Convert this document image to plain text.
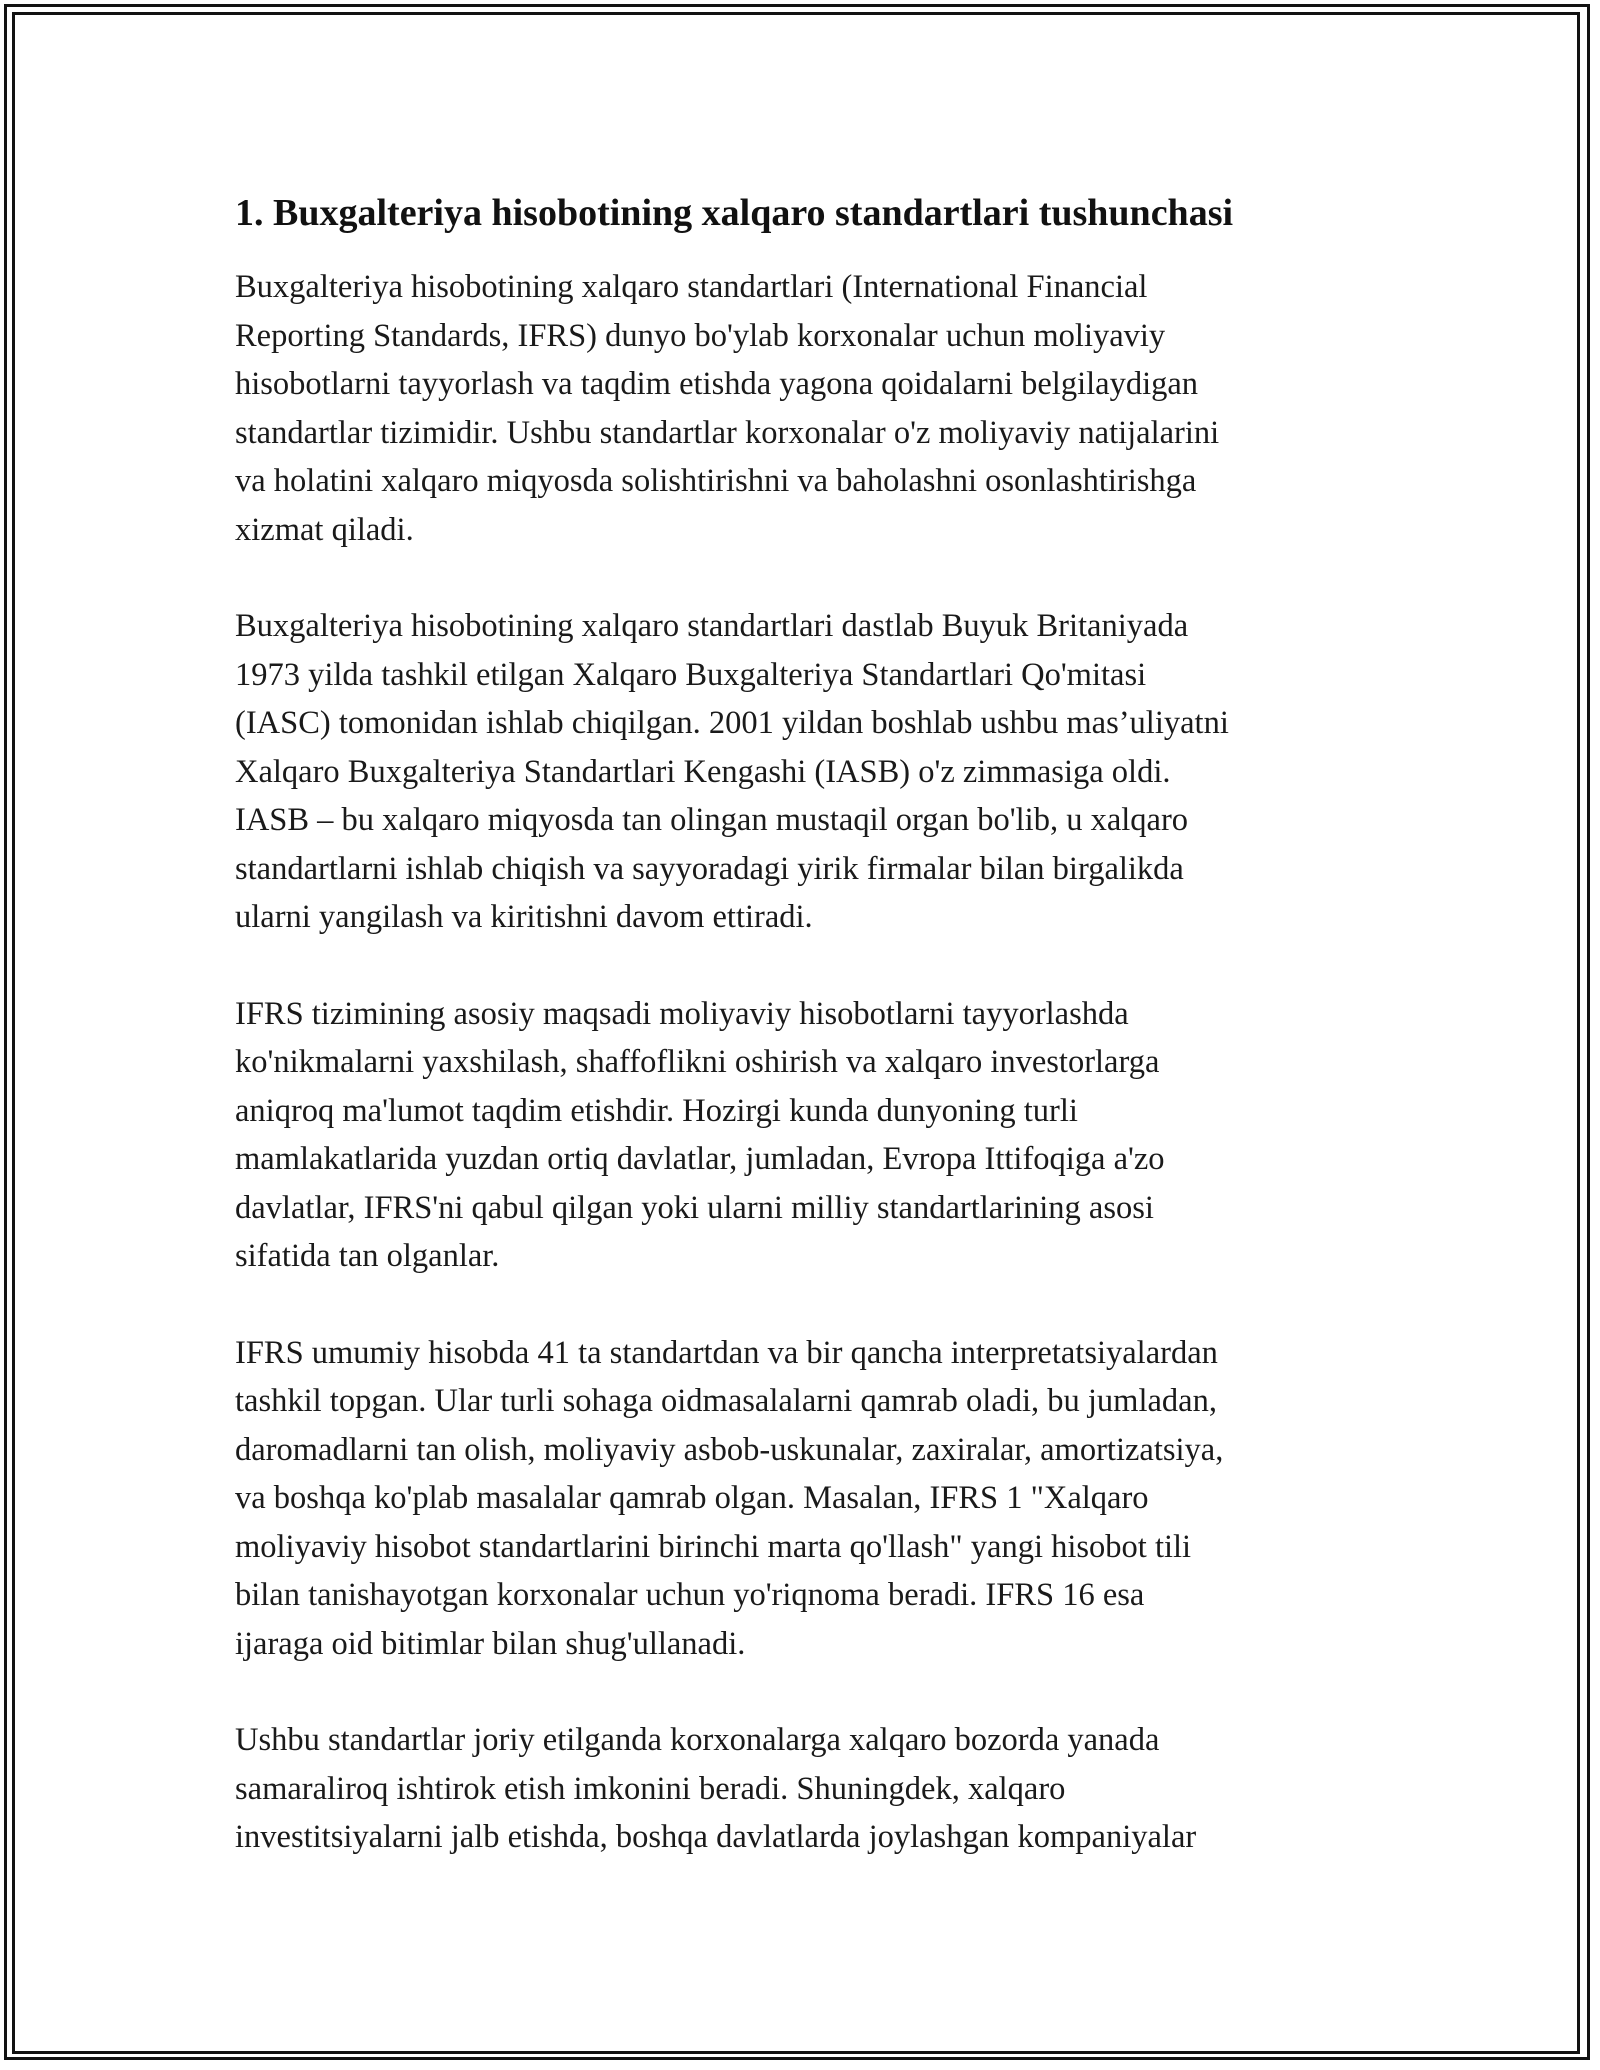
1. Buxgalteriya hisobotining xalqaro standartlari tushunchasi

Buxgalteriya hisobotining xalqaro standartlari (International Financial
Reporting Standards, IFRS) dunyo bo'ylab korxonalar uchun moliyaviy
hisobotlarni tayyorlash va taqdim etishda yagona qoidalarni belgilaydigan
standartlar tizimidir. Ushbu standartlar korxonalar o'z moliyaviy natijalarini
va holatini xalqaro miqyosda solishtirishni va baholashni osonlashtirishga
xizmat qiladi.

Buxgalteriya hisobotining xalqaro standartlari dastlab Buyuk Britaniyada
1973 yilda tashkil etilgan Xalqaro Buxgalteriya Standartlari Qo'mitasi
(IASC) tomonidan ishlab chiqilgan. 2001 yildan boshlab ushbu mas’uliyatni
Xalqaro Buxgalteriya Standartlari Kengashi (IASB) o'z zimmasiga oldi.
IASB – bu xalqaro miqyosda tan olingan mustaqil organ bo'lib, u xalqaro
standartlarni ishlab chiqish va sayyoradagi yirik firmalar bilan birgalikda
ularni yangilash va kiritishni davom ettiradi.

IFRS tizimining asosiy maqsadi moliyaviy hisobotlarni tayyorlashda
ko'nikmalarni yaxshilash, shaffoflikni oshirish va xalqaro investorlarga
aniqroq ma'lumot taqdim etishdir. Hozirgi kunda dunyoning turli
mamlakatlarida yuzdan ortiq davlatlar, jumladan, Evropa Ittifoqiga a'zo
davlatlar, IFRS'ni qabul qilgan yoki ularni milliy standartlarining asosi
sifatida tan olganlar.

IFRS umumiy hisobda 41 ta standartdan va bir qancha interpretatsiyalardan
tashkil topgan. Ular turli sohaga oidmasalalarni qamrab oladi, bu jumladan,
daromadlarni tan olish, moliyaviy asbob-uskunalar, zaxiralar, amortizatsiya,
va boshqa ko'plab masalalar qamrab olgan. Masalan, IFRS 1 "Xalqaro
moliyaviy hisobot standartlarini birinchi marta qo'llash" yangi hisobot tili
bilan tanishayotgan korxonalar uchun yo'riqnoma beradi. IFRS 16 esa
ijaraga oid bitimlar bilan shug'ullanadi.

Ushbu standartlar joriy etilganda korxonalarga xalqaro bozorda yanada
samaraliroq ishtirok etish imkonini beradi. Shuningdek, xalqaro
investitsiyalarni jalb etishda, boshqa davlatlarda joylashgan kompaniyalar
